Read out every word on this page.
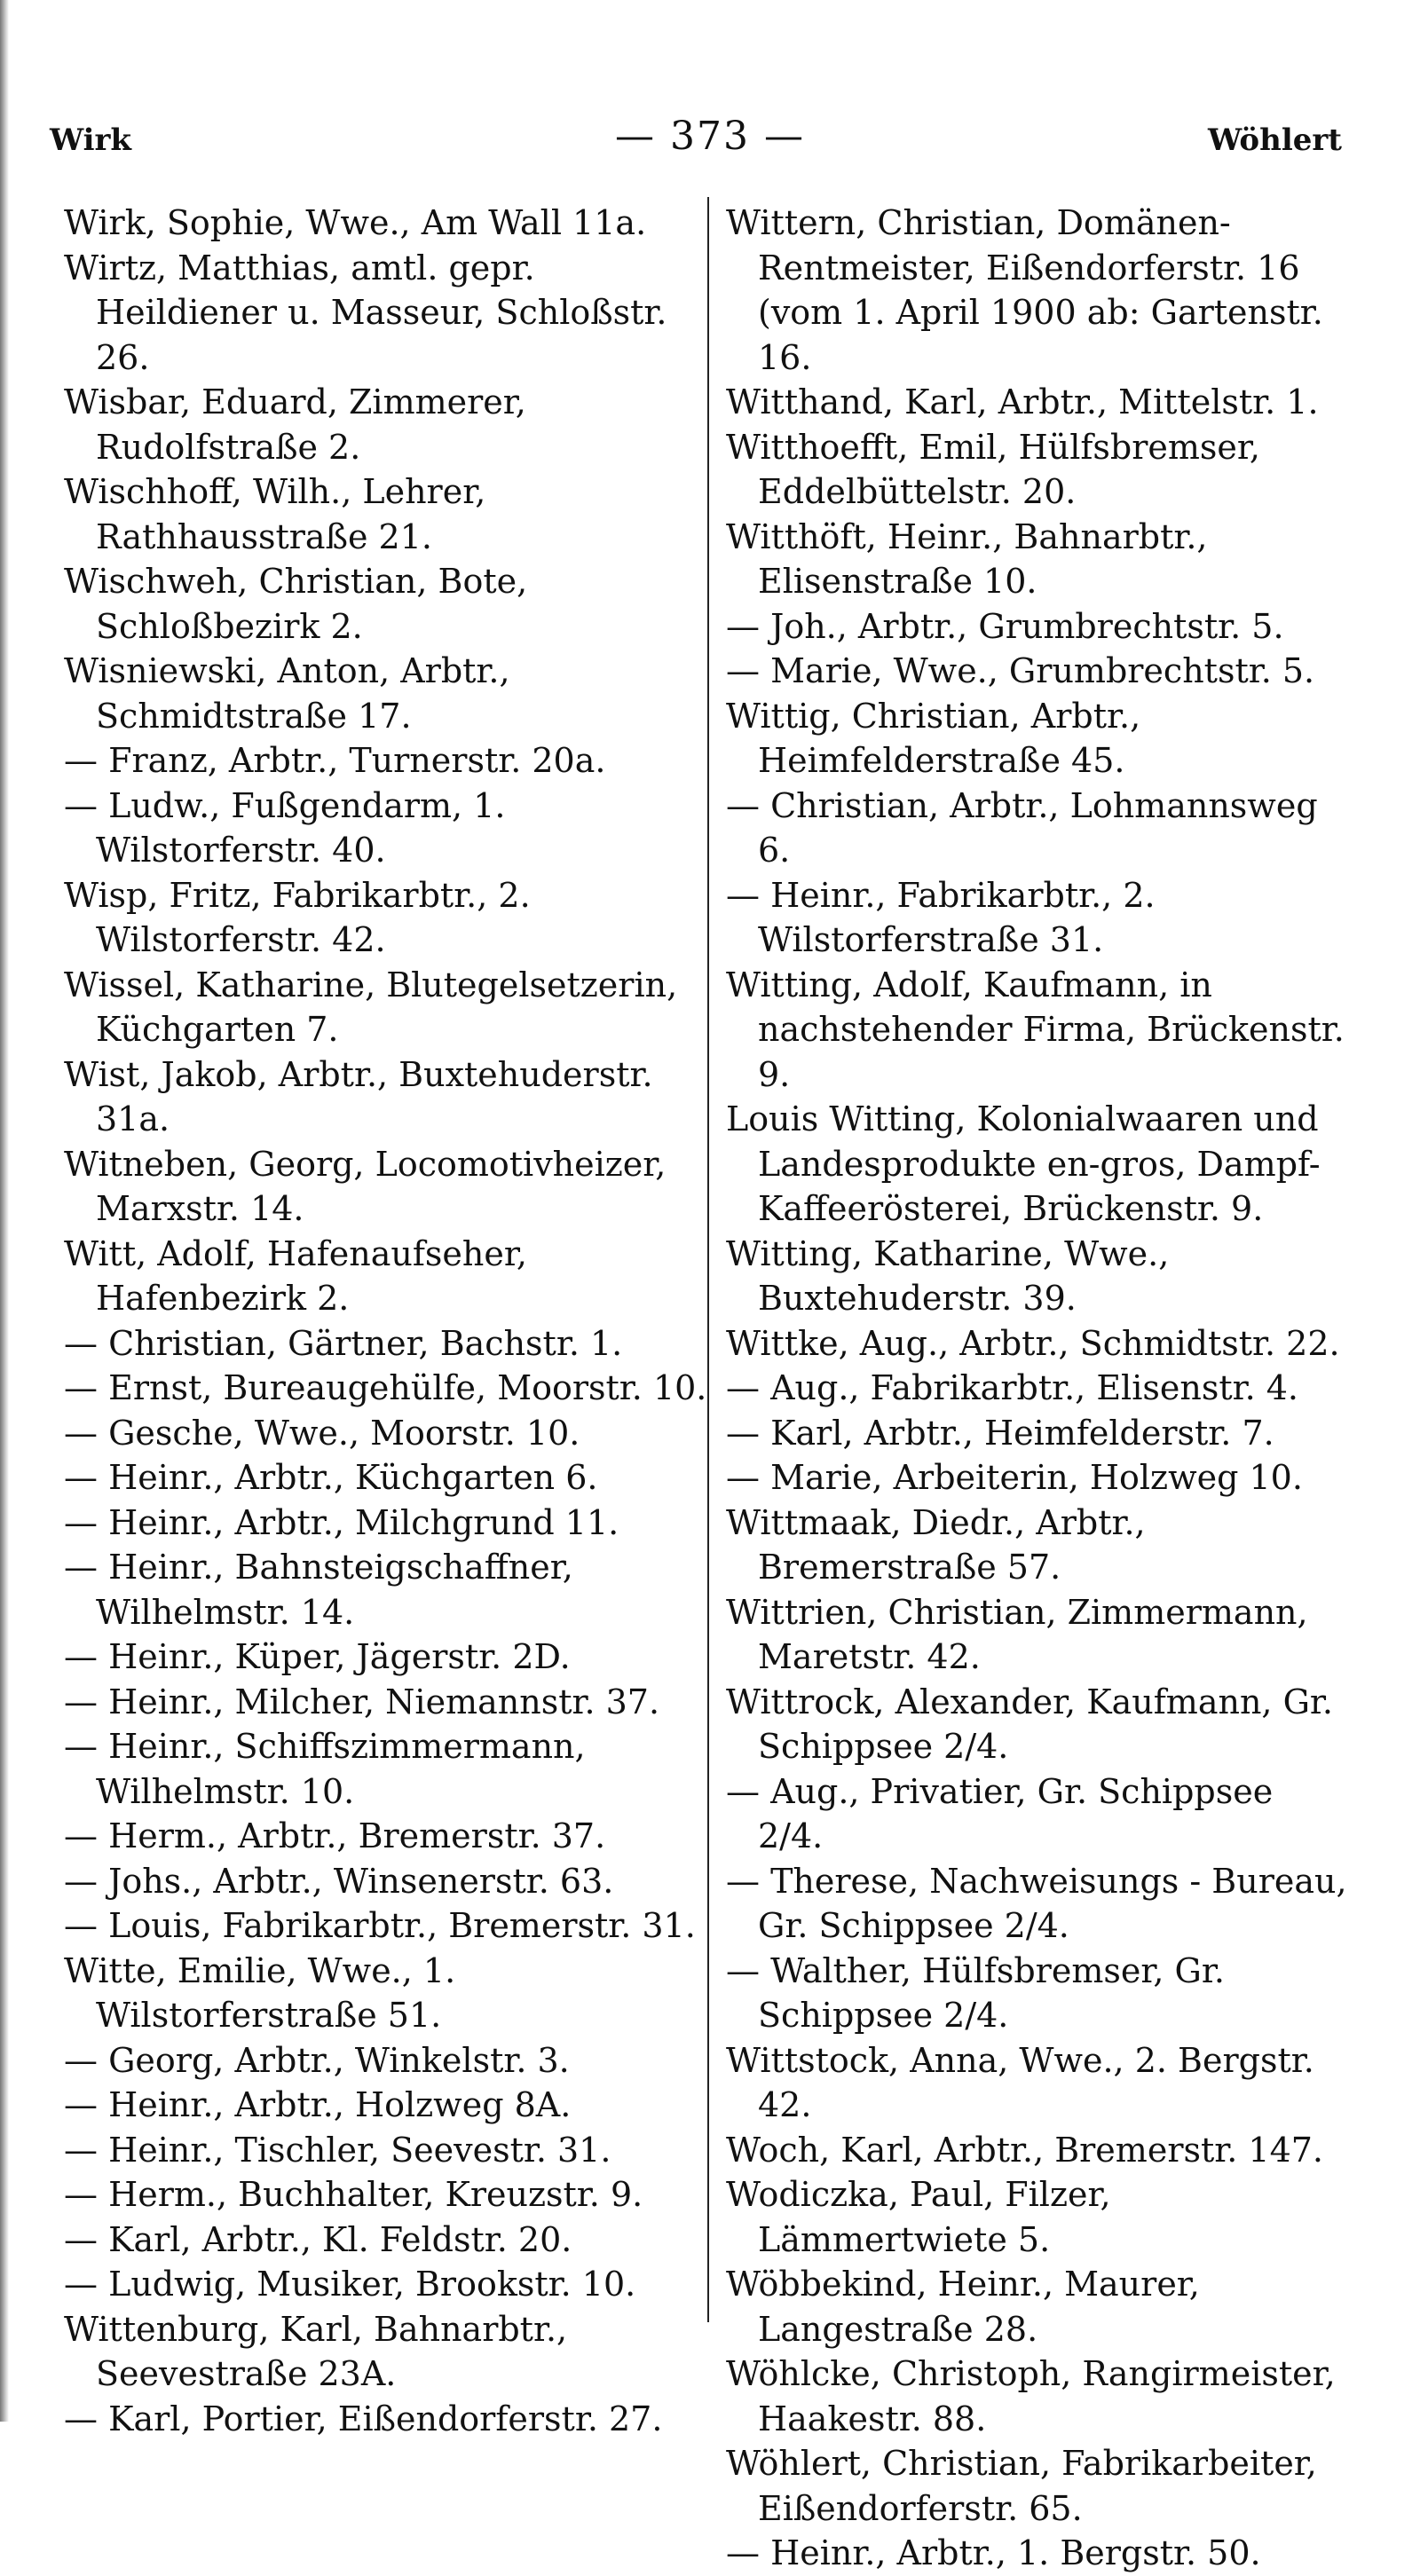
Wirk	— 373 —	Wöhlert

Wirk, Sophie, Wwe., Am Wall 11a.

Wirtz, Matthias, amtl. gepr. Heildiener u. Masseur, Schloßstr. 26.

Wisbar, Eduard, Zimmerer, Rudolfstraße 2.

Wischhoff, Wilh., Lehrer, Rathhausstraße 21.

Wischweh, Christian, Bote, Schloßbezirk 2.

Wisniewski, Anton, Arbtr., Schmidtstraße 17.

— Franz, Arbtr., Turnerstr. 20a.

— Ludw., Fußgendarm, 1. Wilstorferstr. 40.

Wisp, Fritz, Fabrikarbtr., 2. Wilstorferstr. 42.

Wissel, Katharine, Blutegelsetzerin, Küchgarten 7.

Wist, Jakob, Arbtr., Buxtehuderstr. 31a.

Witneben, Georg, Locomotivheizer, Marxstr. 14.

Witt, Adolf, Hafenaufseher, Hafenbezirk 2.

— Christian, Gärtner, Bachstr. 1.

— Ernst, Bureaugehülfe, Moorstr. 10.

— Gesche, Wwe., Moorstr. 10.

— Heinr., Arbtr., Küchgarten 6.

— Heinr., Arbtr., Milchgrund 11.

— Heinr., Bahnsteigschaffner, Wilhelmstr. 14.

— Heinr., Küper, Jägerstr. 2D.

— Heinr., Milcher, Niemannstr. 37.

— Heinr., Schiffszimmermann, Wilhelmstr. 10.

— Herm., Arbtr., Bremerstr. 37.

— Johs., Arbtr., Winsenerstr. 63.

— Louis, Fabrikarbtr., Bremerstr. 31.

Witte, Emilie, Wwe., 1. Wilstorferstraße 51.

— Georg, Arbtr., Winkelstr. 3.

— Heinr., Arbtr., Holzweg 8A.

— Heinr., Tischler, Seevestr. 31.

— Herm., Buchhalter, Kreuzstr. 9.

— Karl, Arbtr., Kl. Feldstr. 20.

— Ludwig, Musiker, Brookstr. 10.

Wittenburg, Karl, Bahnarbtr., Seevestraße 23A.

— Karl, Portier, Eißendorferstr. 27.

Wittern, Christian, Domänen-Rentmeister, Eißendorferstr. 16 (vom 1. April 1900 ab: Gartenstr. 16.

Witthand, Karl, Arbtr., Mittelstr. 1.

Witthoefft, Emil, Hülfsbremser, Eddelbüttelstr. 20.

Witthöft, Heinr., Bahnarbtr., Elisenstraße 10.

— Joh., Arbtr., Grumbrechtstr. 5.

— Marie, Wwe., Grumbrechtstr. 5.

Wittig, Christian, Arbtr., Heimfelderstraße 45.

— Christian, Arbtr., Lohmannsweg 6.

— Heinr., Fabrikarbtr., 2. Wilstorferstraße 31.

Witting, Adolf, Kaufmann, in nachstehender Firma, Brückenstr. 9.

Louis Witting, Kolonialwaaren und Landesprodukte en-gros, Dampf-Kaffeerösterei, Brückenstr. 9.

Witting, Katharine, Wwe., Buxtehuderstr. 39.

Wittke, Aug., Arbtr., Schmidtstr. 22.

— Aug., Fabrikarbtr., Elisenstr. 4.

— Karl, Arbtr., Heimfelderstr. 7.

— Marie, Arbeiterin, Holzweg 10.

Wittmaak, Diedr., Arbtr., Bremerstraße 57.

Wittrien, Christian, Zimmermann, Maretstr. 42.

Wittrock, Alexander, Kaufmann, Gr. Schippsee 2/4.

— Aug., Privatier, Gr. Schippsee 2/4.

— Therese, Nachweisungs - Bureau, Gr. Schippsee 2/4.

— Walther, Hülfsbremser, Gr. Schippsee 2/4.

Wittstock, Anna, Wwe., 2. Bergstr. 42.

Woch, Karl, Arbtr., Bremerstr. 147.

Wodiczka, Paul, Filzer, Lämmertwiete 5.

Wöbbekind, Heinr., Maurer, Langestraße 28.

Wöhlcke, Christoph, Rangirmeister, Haakestr. 88.

Wöhlert, Christian, Fabrikarbeiter, Eißendorferstr. 65.

— Heinr., Arbtr., 1. Bergstr. 50.
